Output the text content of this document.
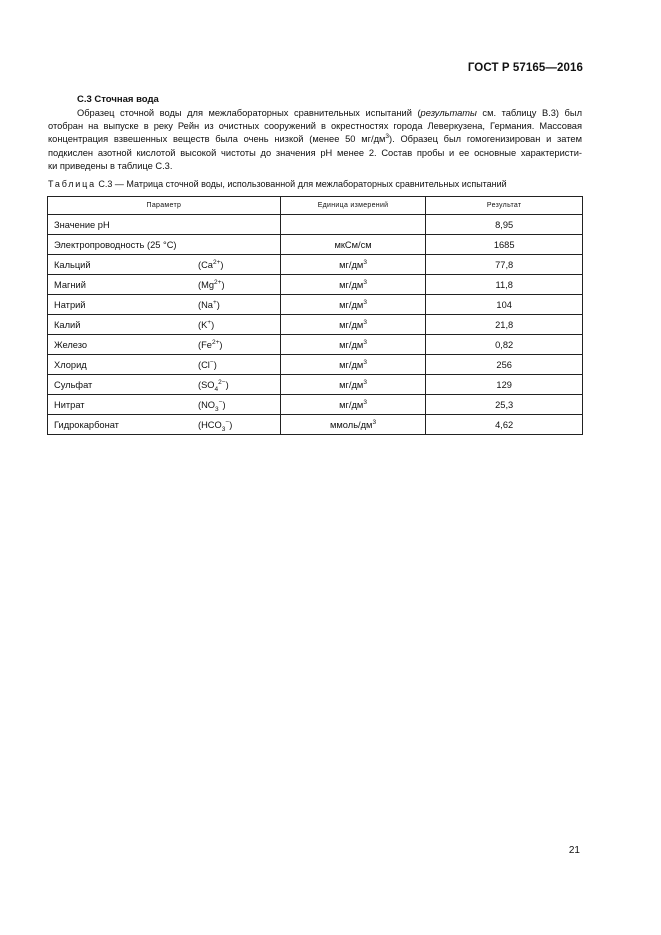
ГОСТ Р 57165—2016
C.3 Сточная вода
Образец сточной воды для межлабораторных сравнительных испытаний (результаты см. таблицу В.3) был
отобран на выпуске в реку Рейн из очистных сооружений в окрестностях города Леверкузена, Германия. Массовая
концентрация взвешенных веществ была очень низкой (менее 50 $мг/дм^3$). Образец был гомогенизирован и затем
подкислен азотной кислотой высокой чистоты до значения pH менее 2. Состав пробы и ее основные характеристи-
ки приведены в таблице С.3.
Таблица С.3 — Матрица сточной воды, использованной для межлабораторных сравнительных испытаний
Параметр	Единица измерений	Результат
Значение pH		8,95
Электропроводность (25 °С)	мкСм/см	1685
Кальций $(Ca^{2+})$	$мг/дм^3$	77,8
Магний $(Mg^{2+})$	$мг/дм^3$	11,8
Натрий (Na+)	$мг/дм^3$	104
Калий (K+)	$мг/дм^3$	21,8
Железо $(Fe^{2+})$	$мг/дм^3$	0,82
Хлорид (Cl−)	$мг/дм^3$	256
Сульфат $(SO_4^{2-})$	$мг/дм^3$	129
Нитрат $(NO_3^-)$	$мг/дм^3$	25,3
Гидрокарбонат $(HCO_3^-)$	ммоль/$дм^3$	4,62
21
